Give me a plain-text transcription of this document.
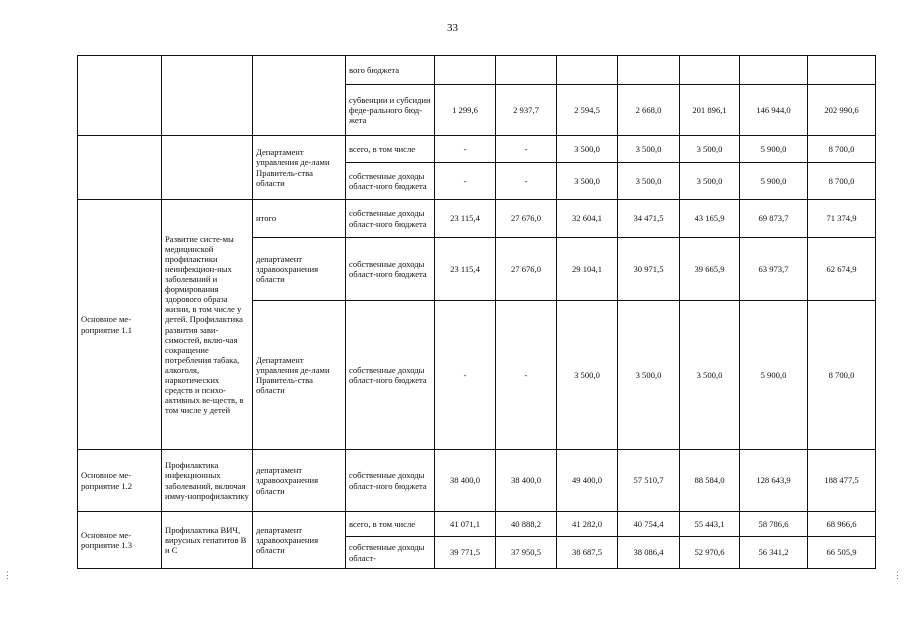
33
⋮	⋮
			вого бюджета							
			субвенции и субсидии феде-рального бюд-жета	1 299,6	2 937,7	2 594,5	2 668,0	201 896,1	146 944,0	202 990,6
		Департамент управления де-лами Правитель-ства области	всего, в том числе	-	-	3 500,0	3 500,0	3 500,0	5 900,0	8 700,0
			собственные доходы област-ного бюджета	-	-	3 500,0	3 500,0	3 500,0	5 900,0	8 700,0
Основное ме-роприятие 1.1	Развитие систе-мы медицинской профилактики неинфекцион-ных заболеваний и формирования здорового образа жизни, в том числе у детей. Профилактика развития зави-симостей, вклю-чая сокращение потребления табака, алкоголя, наркотических средств и психо-активных ве-ществ, в том числе у детей	итого	собственные доходы област-ного бюджета	23 115,4	27 676,0	32 604,1	34 471,5	43 165,9	69 873,7	71 374,9
		департамент здравоохранения области	собственные доходы област-ного бюджета	23 115,4	27 676,0	29 104,1	30 971,5	39 665,9	63 973,7	62 674,9
		Департамент управления де-лами Правитель-ства области	собственные доходы област-ного бюджета	-	-	3 500,0	3 500,0	3 500,0	5 900,0	8 700,0
Основное ме-роприятие 1.2	Профилактика инфекционных заболеваний, включая имму-нопрофилактику	департамент здравоохранения области	собственные доходы област-ного бюджета	38 400,0	38 400,0	49 400,0	57 510,7	88 584,0	128 643,9	188 477,5
Основное ме-роприятие 1.3	Профилактика ВИЧ, вирусных гепатитов В и С	департамент здравоохранения области	всего, в том числе	41 071,1	40 888,2	41 282,0	40 754,4	55 443,1	58 786,6	68 966,6
			собственные доходы област-	39 771,5	37 950,5	38 687,5	38 086,4	52 970,6	56 341,2	66 505,9
